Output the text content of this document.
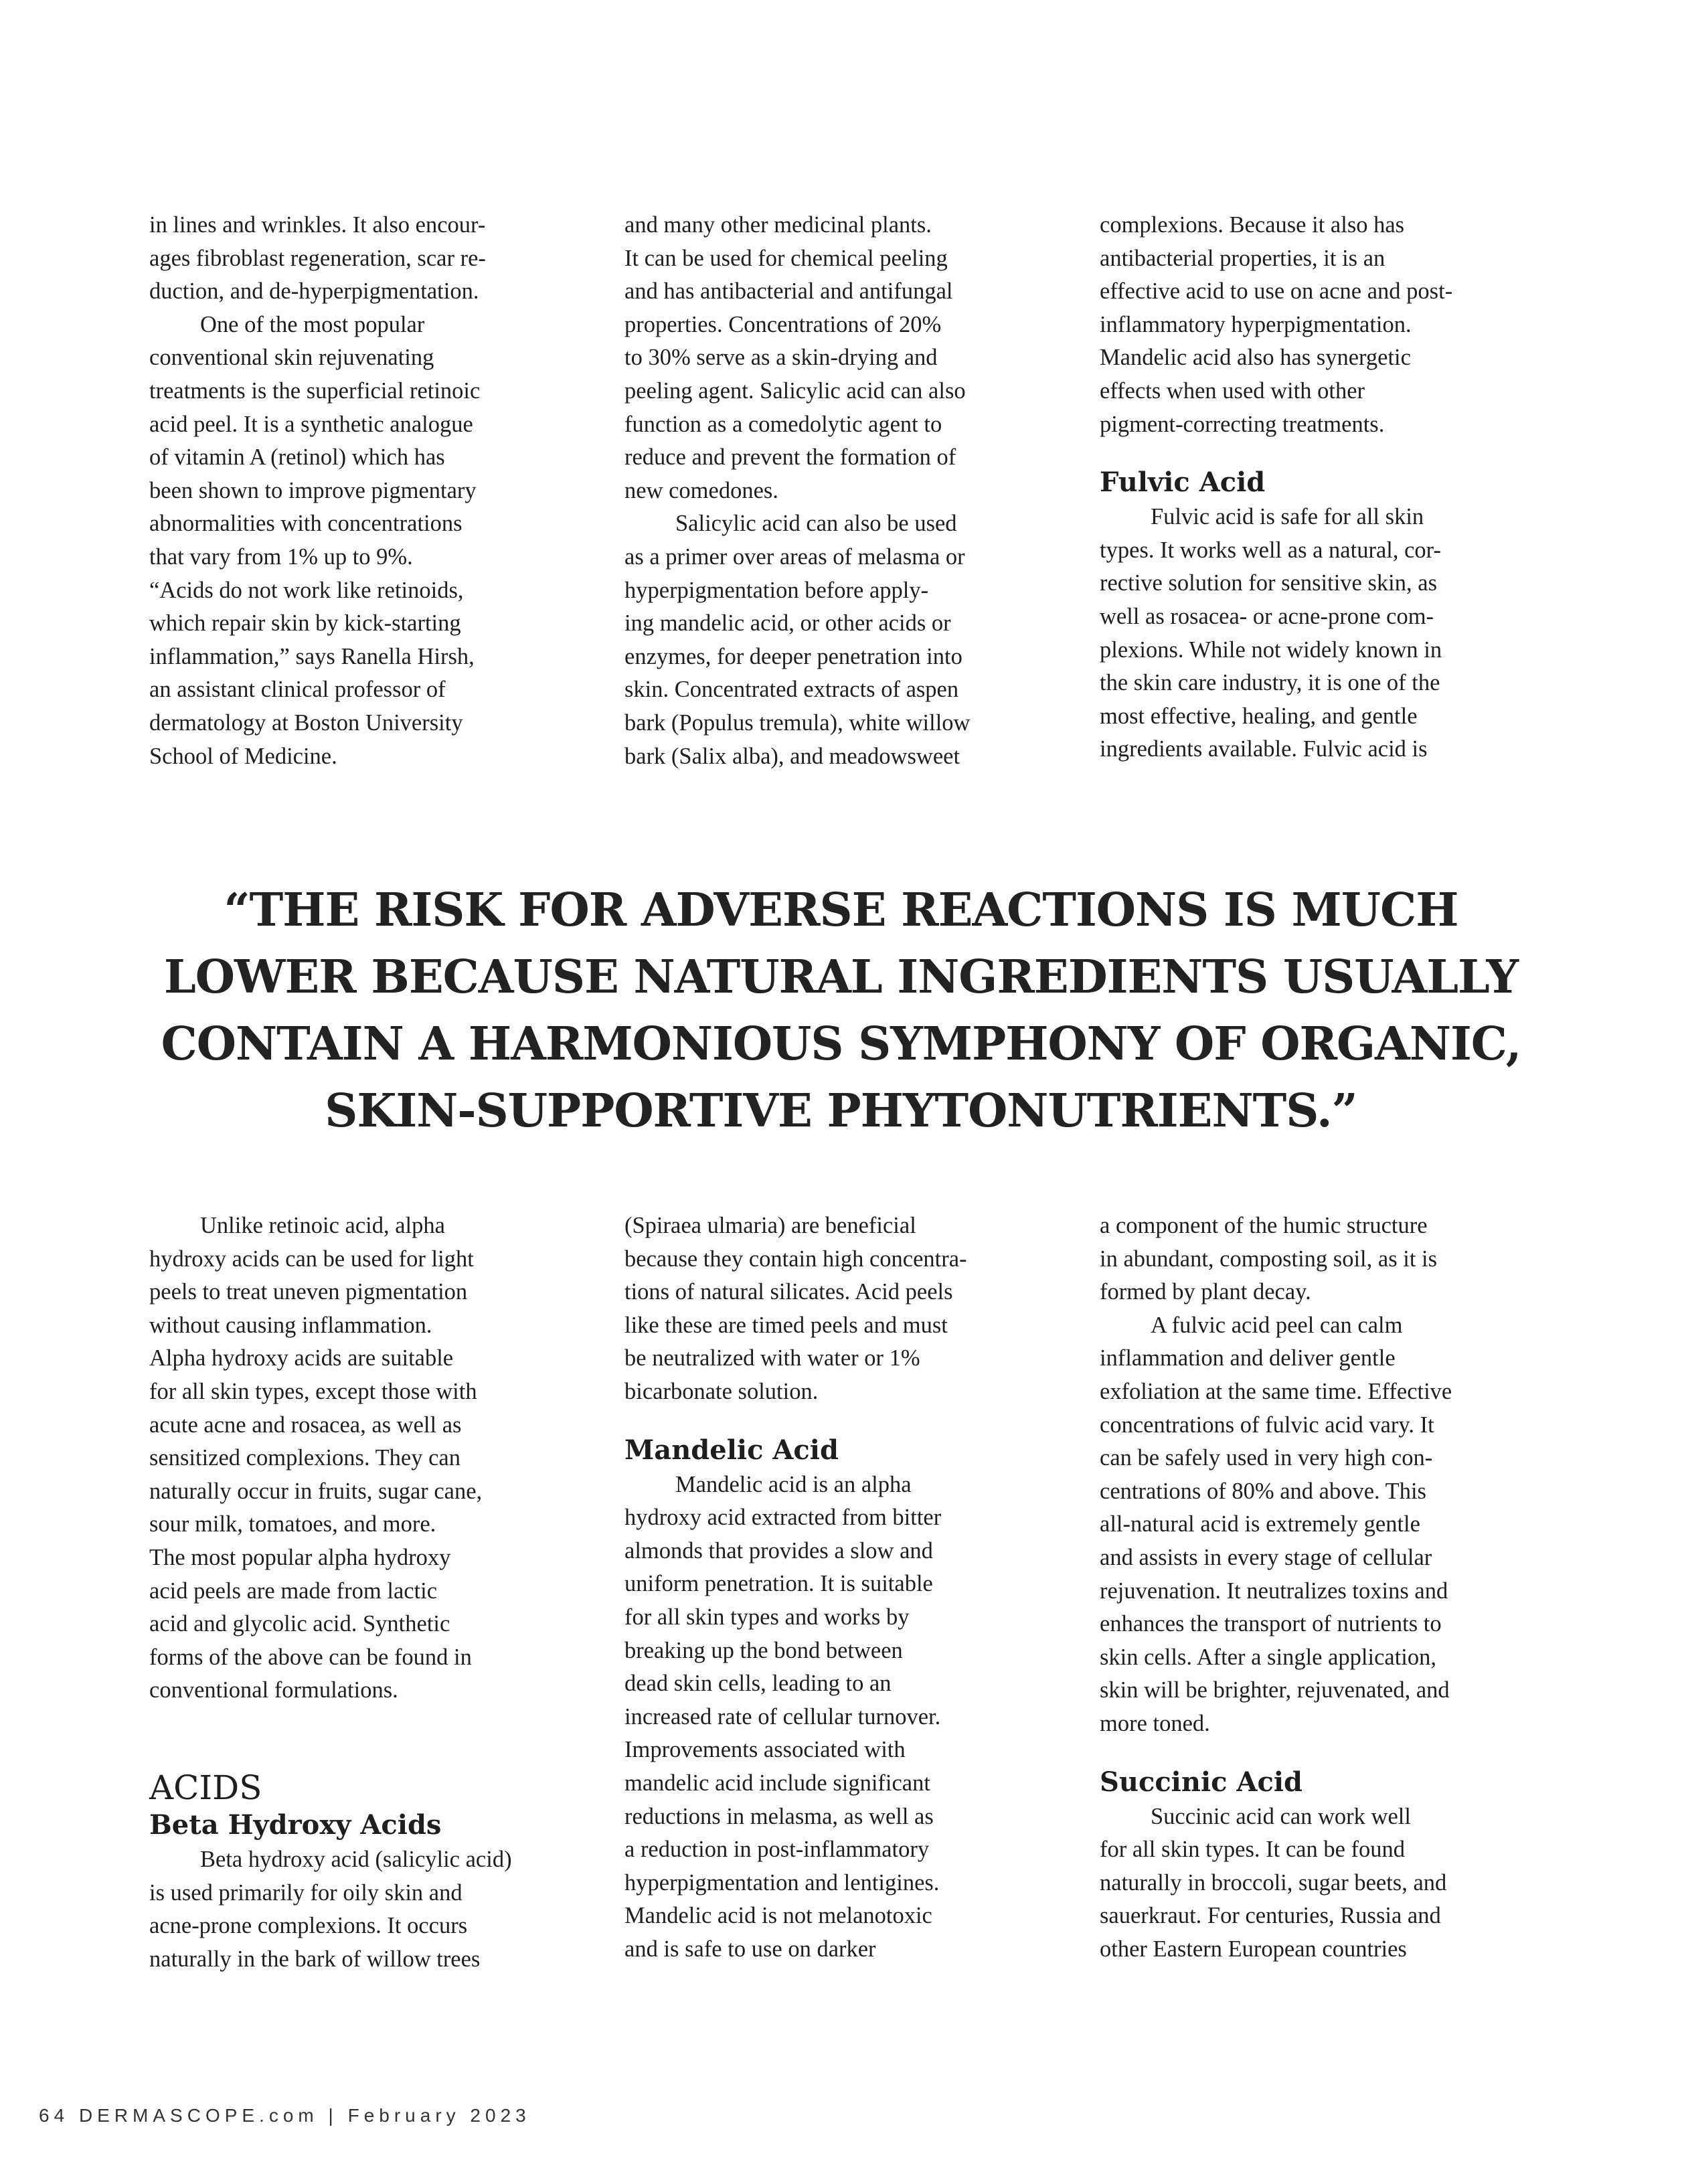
in lines and wrinkles. It also encour-
ages fibroblast regeneration, scar re-
duction, and de-hyperpigmentation.

One of the most popular
conventional skin rejuvenating
treatments is the superficial retinoic
acid peel. It is a synthetic analogue
of vitamin A (retinol) which has
been shown to improve pigmentary
abnormalities with concentrations
that vary from 1% up to 9%.
“Acids do not work like retinoids,
which repair skin by kick-starting
inflammation,” says Ranella Hirsh,
an assistant clinical professor of
dermatology at Boston University
School of Medicine.

and many other medicinal plants.
It can be used for chemical peeling
and has antibacterial and antifungal
properties. Concentrations of 20%
to 30% serve as a skin-drying and
peeling agent. Salicylic acid can also
function as a comedolytic agent to
reduce and prevent the formation of
new comedones.

Salicylic acid can also be used
as a primer over areas of melasma or
hyperpigmentation before apply-
ing mandelic acid, or other acids or
enzymes, for deeper penetration into
skin. Concentrated extracts of aspen
bark (Populus tremula), white willow
bark (Salix alba), and meadowsweet

complexions. Because it also has
antibacterial properties, it is an
effective acid to use on acne and post-
inflammatory hyperpigmentation.
Mandelic acid also has synergetic
effects when used with other
pigment-correcting treatments.

Fulvic Acid

Fulvic acid is safe for all skin
types. It works well as a natural, cor-
rective solution for sensitive skin, as
well as rosacea- or acne-prone com-
plexions. While not widely known in
the skin care industry, it is one of the
most effective, healing, and gentle
ingredients available. Fulvic acid is

“THE RISK FOR ADVERSE REACTIONS IS MUCH

LOWER BECAUSE NATURAL INGREDIENTS USUALLY

CONTAIN A HARMONIOUS SYMPHONY OF ORGANIC,

SKIN-SUPPORTIVE PHYTONUTRIENTS.”

Unlike retinoic acid, alpha
hydroxy acids can be used for light
peels to treat uneven pigmentation
without causing inflammation.
Alpha hydroxy acids are suitable
for all skin types, except those with
acute acne and rosacea, as well as
sensitized complexions. They can
naturally occur in fruits, sugar cane,
sour milk, tomatoes, and more.
The most popular alpha hydroxy
acid peels are made from lactic
acid and glycolic acid. Synthetic
forms of the above can be found in
conventional formulations.

ACIDS
Beta Hydroxy Acids

Beta hydroxy acid (salicylic acid)
is used primarily for oily skin and
acne-prone complexions. It occurs
naturally in the bark of willow trees

(Spiraea ulmaria) are beneficial
because they contain high concentra-
tions of natural silicates. Acid peels
like these are timed peels and must
be neutralized with water or 1%
bicarbonate solution.

Mandelic Acid

Mandelic acid is an alpha
hydroxy acid extracted from bitter
almonds that provides a slow and
uniform penetration. It is suitable
for all skin types and works by
breaking up the bond between
dead skin cells, leading to an
increased rate of cellular turnover.
Improvements associated with
mandelic acid include significant
reductions in melasma, as well as
a reduction in post-inflammatory
hyperpigmentation and lentigines.
Mandelic acid is not melanotoxic
and is safe to use on darker

a component of the humic structure
in abundant, composting soil, as it is
formed by plant decay.

A fulvic acid peel can calm
inflammation and deliver gentle
exfoliation at the same time. Effective
concentrations of fulvic acid vary. It
can be safely used in very high con-
centrations of 80% and above. This
all-natural acid is extremely gentle
and assists in every stage of cellular
rejuvenation. It neutralizes toxins and
enhances the transport of nutrients to
skin cells. After a single application,
skin will be brighter, rejuvenated, and
more toned.

Succinic Acid

Succinic acid can work well
for all skin types. It can be found
naturally in broccoli, sugar beets, and
sauerkraut. For centuries, Russia and
other Eastern European countries

64 DERMASCOPE.com | February 2023
